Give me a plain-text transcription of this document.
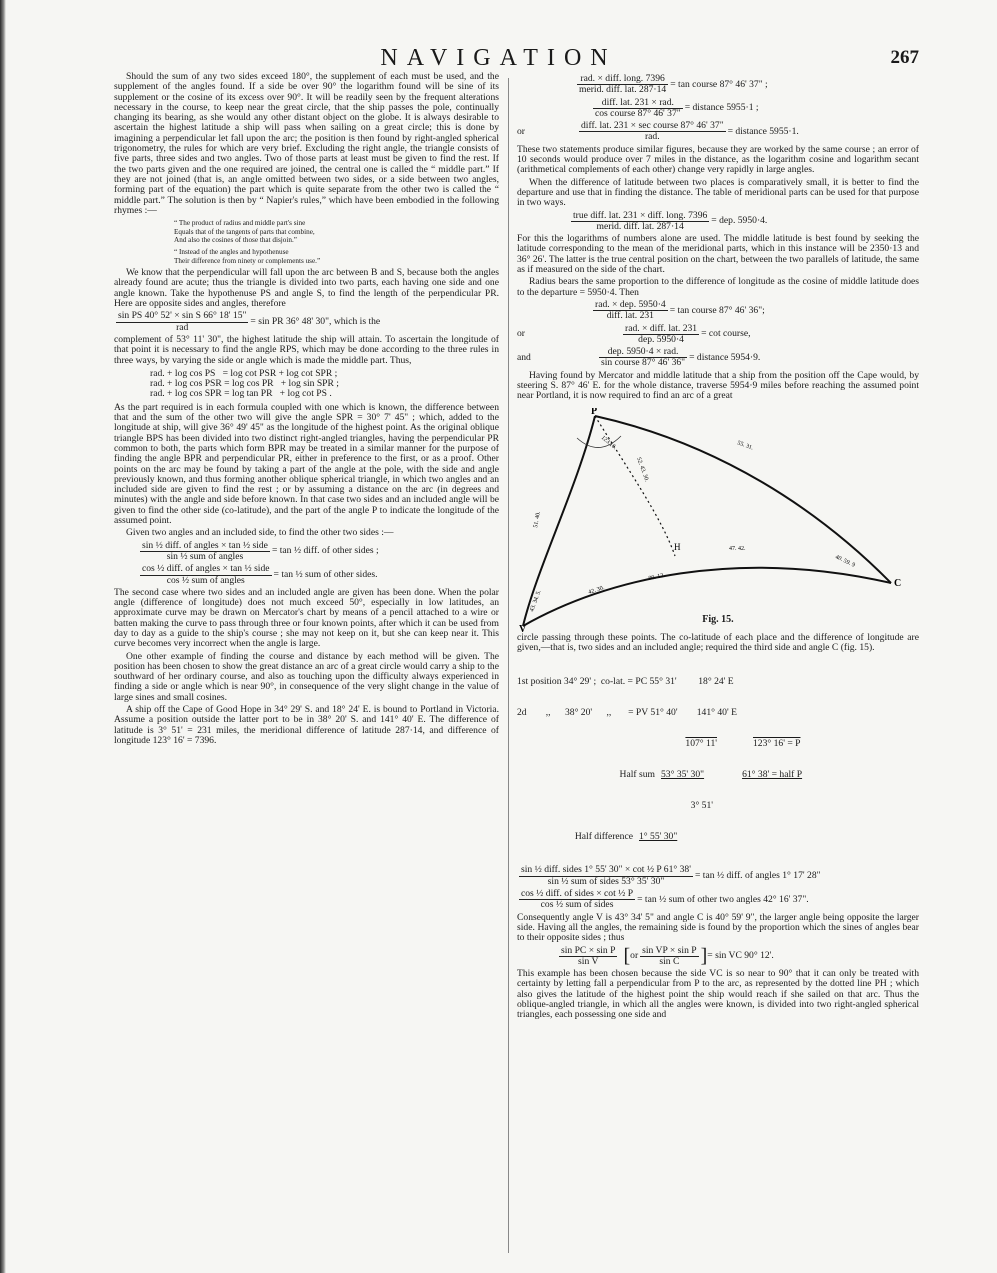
NAVIGATION	267

Should the sum of any two sides exceed 180°, the supplement of each must be used, and the supplement of the angles found. If a side be over 90° the logarithm found will be sine of its supplement or the cosine of its excess over 90°. It will be readily seen by the frequent alterations necessary in the course, to keep near the great circle, that the ship passes the pole, continually changing its bearing, as she would any other distant object on the globe. It is always desirable to ascertain the highest latitude a ship will pass when sailing on a great circle; this is done by imagining a perpendicular let fall upon the arc; the position is then found by right-angled spherical trigonometry, the rules for which are very brief. Excluding the right angle, the triangle consists of five parts, three sides and two angles. Two of those parts at least must be given to find the rest. If the two parts given and the one required are joined, the central one is called the “ middle part.” If they are not joined (that is, an angle omitted between two sides, or a side between two angles, forming part of the equation) the part which is quite separate from the other two is called the “ middle part.” The solution is then by “ Napier's rules,” which have been embodied in the following rhymes :—

“ The product of radius and middle part's sine
Equals that of the tangents of parts that combine,
And also the cosines of those that disjoin.”
“ Instead of the angles and hypothenuse
Their difference from ninety or complements use.”

We know that the perpendicular will fall upon the arc between B and S, because both the angles already found are acute; thus the triangle is divided into two parts, each having one side and one angle known. Take the hypothenuse PS and angle S, to find the length of the perpendicular PR. Here are opposite sides and angles, therefore

$\frac{\text{sin PS 40° 52' × sin S 66° 18' 15"}}{\text{rad}} = \sin$ PR 36° 48' 30", which is the

complement of 53° 11' 30", the highest latitude the ship will attain. To ascertain the longitude of that point it is necessary to find the angle RPS, which may be done according to the three rules in three ways, by varying the side or angle which is made the middle part. Thus,

rad. + log cos PS   = log cot PSR + log cot SPR ;
rad. + log cos PSR = log cos PR   + log sin SPR ;
rad. + log cos SPR = log tan PR   + log cot PS .

As the part required is in each formula coupled with one which is known, the difference between that and the sum of the other two will give the angle SPR = 30° 7' 45" ; which, added to the longitude at ship, will give 36° 49' 45" as the longitude of the highest point. As the original oblique triangle BPS has been divided into two distinct right-angled triangles, having the perpendicular PR common to both, the parts which form BPR may be treated in a similar manner for the purpose of finding the angle BPR and perpendicular PR, either in preference to the first, or as a proof. Other points on the arc may be found by taking a part of the angle at the pole, with the side and angle previously known, and thus forming another oblique spherical triangle, in which two angles and an included side are given to find the rest ; or by assuming a distance on the arc (in degrees and minutes) with the angle and side before known. In that case two sides and an included angle will be given to find the other side (co-latitude), and the part of the angle P to indicate the longitude of the assumed point.

Given two angles and an included side, to find the other two sides :—

$\frac{\text{sin ½ diff. of angles × tan ½ side}}{\text{sin ½ sum of angles}} = \tan$ ½ diff. of other sides ;
$\frac{\text{cos ½ diff. of angles × tan ½ side}}{\text{cos ½ sum of angles}} = \tan$ ½ sum of other sides.

The second case where two sides and an included angle are given has been done. When the polar angle (difference of longitude) does not much exceed 50°, especially in low latitudes, an approximate curve may be drawn on Mercator's chart by means of a pencil attached to a wire or batten making the curve to pass through three or four known points, after which it can be used from day to day as a guide to the ship's course ; she may not keep on it, but she can keep near it. This curve becomes very incorrect when the angle is large.

One other example of finding the course and distance by each method will be given. The position has been chosen to show the great distance an arc of a great circle would carry a ship to the southward of her ordinary course, and also as touching upon the difficulty always experienced in finding a side or angle which is near 90°, in consequence of the very slight change in the value of large sines and small cosines.

A ship off the Cape of Good Hope in 34° 29' S. and 18° 24' E. is bound to Portland in Victoria. Assume a position outside the latter port to be in 38° 20' S. and 141° 40' E. The difference of latitude is 3° 51' = 231 miles, the meridional difference of latitude 287·14, and difference of longitude 123° 16' = 7396.

$\frac{\text{rad. × diff. long. 7396}}{\text{merid. diff. lat. 287·14}} = \tan$ course 87° 46' 37" ;
$\frac{\text{diff. lat. 231 × rad.}}{\text{cos course 87° 46' 37"}}$ = distance 5955·1 ;
or	$\frac{\text{diff. lat. 231 × sec course 87° 46' 37"}}{\text{rad.}}$ = distance 5955·1.

These two statements produce similar figures, because they are worked by the same course ; an error of 10 seconds would produce over 7 miles in the distance, as the logarithm cosine and logarithm secant (arithmetical complements of each other) change very rapidly in large angles.

When the difference of latitude between two places is comparatively small, it is better to find the departure and use that in finding the distance. The table of meridional parts can be used for that purpose in two ways.

$\frac{\text{true diff. lat. 231 × diff. long. 7396}}{\text{merid. diff. lat. 287·14}}$ = dep. 5950·4.

For this the logarithms of numbers alone are used. The middle latitude is best found by seeking the latitude corresponding to the mean of the meridional parts, which in this instance will be 2350·13 and 36° 26'. The latter is the true central position on the chart, between the two parallels of latitude, the same as if measured on the side of the chart.

Radius bears the same proportion to the difference of longitude as the cosine of middle latitude does to the departure = 5950·4. Then

$\frac{\text{rad. × dep. 5950·4}}{\text{diff. lat. 231}} = \tan$ course 87° 46' 36";
or	$\frac{\text{rad. × diff. lat. 231}}{\text{dep. 5950·4}} = \cot$ course,
and	$\frac{\text{dep. 5950·4 × rad.}}{\text{sin course 87° 46' 36"}}$ = distance 5954·9.

Having found by Mercator and middle latitude that a ship from the position off the Cape would, by steering S. 87° 46' E. for the whole distance, traverse 5954·9 miles before reaching the assumed point near Portland, it is now required to find an arc of a great

P
H
C
V
55. 31.
51. 40.
52. 43. 30.
123.16.
47. 42.
40. 59. 9
42. 30.
90. 12.
43. 34. 5.
Fig. 15.

circle passing through these points. The co-latitude of each place and the difference of longitude are given,—that is, two sides and an included angle; required the third side and angle C (fig. 15).

1st position 34° 29' ;  co-lat. = PC 55° 31'         18° 24' E

2d        ,,      38° 20'      ,,       = PV 51° 40'        141° 40' E

107° 11'	123° 16' = P

Half sum 53° 35' 30"	61° 38' = half P

3° 51'

Half difference 1° 55' 30"

$\frac{\text{sin ½ diff. sides 1° 55' 30" × cot ½ P 61° 38'}}{\text{sin ½ sum of sides 53° 35' 30"}} = \tan$ ½ diff. of angles 1° 17' 28"
$\frac{\text{cos ½ diff. of sides × cot ½ P}}{\text{cos ½ sum of sides}} = \tan$ ½ sum of other two angles 42° 16' 37".

Consequently angle V is 43° 34' 5" and angle C is 40° 59' 9", the larger angle being opposite the larger side. Having all the angles, the remaining side is found by the proportion which the sines of angles bear to their opposite sides ; thus

$\frac{\text{sin PC × sin P}}{\text{sin V}}$ [ or $\frac{\text{sin VP × sin P}}{\text{sin C}}$ ] = sin VC 90° 12'.

This example has been chosen because the side VC is so near to 90° that it can only be treated with certainty by letting fall a perpendicular from P to the arc, as represented by the dotted line PH ; which also gives the latitude of the highest point the ship would reach if she sailed on that arc. Thus the oblique-angled triangle, in which all the angles were known, is divided into two right-angled spherical triangles, each possessing one side and
